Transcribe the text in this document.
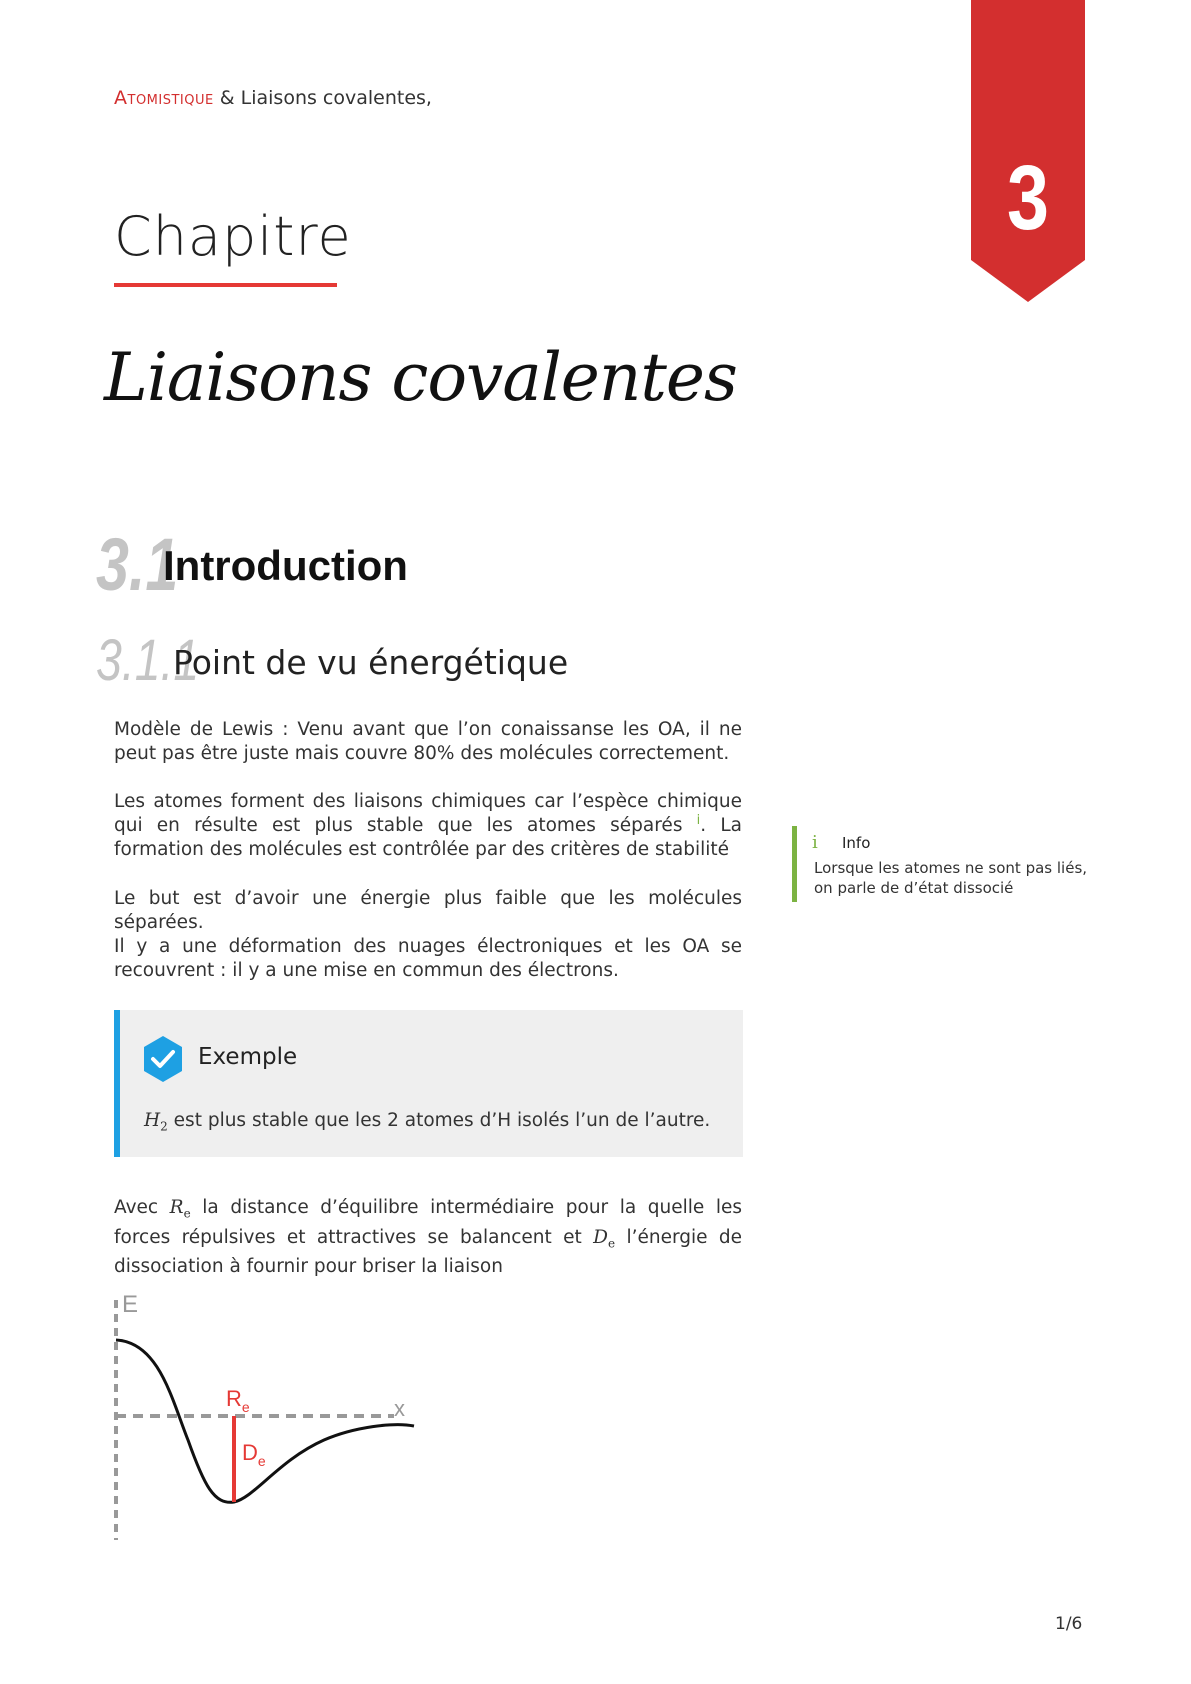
Atomistique & Liaisons covalentes,
3
Chapitre
Liaisons covalentes
3.1
Introduction
3.1.1
Point de vu énergétique
Modèle de Lewis : Venu avant que l’on conaissanse les OA, il ne peut pas être juste mais couvre 80% des molécules correctement.
Les atomes forment des liaisons chimiques car l’espèce chimique qui en résulte est plus stable que les atomes séparés $^i$. La formation des molécules est contrôlée par des critères de stabilité
Le but est d’avoir une énergie plus faible que les molécules séparées.
Il y a une déformation des nuages électroniques et les OA se recouvrent : il y a une mise en commun des électrons.
Exemple
$H_2$ est plus stable que les 2 atomes d’H isolés l’un de l’autre.
i Info
Lorsque les atomes ne sont pas liés, on parle de d’état dissocié
Avec $R_e$ la distance d’équilibre intermédiaire pour la quelle les forces répulsives et attractives se balancent et $D_e$ l’énergie de dissociation à fournir pour briser la liaison
E
x
$R_e$
$D_e$
1/6
